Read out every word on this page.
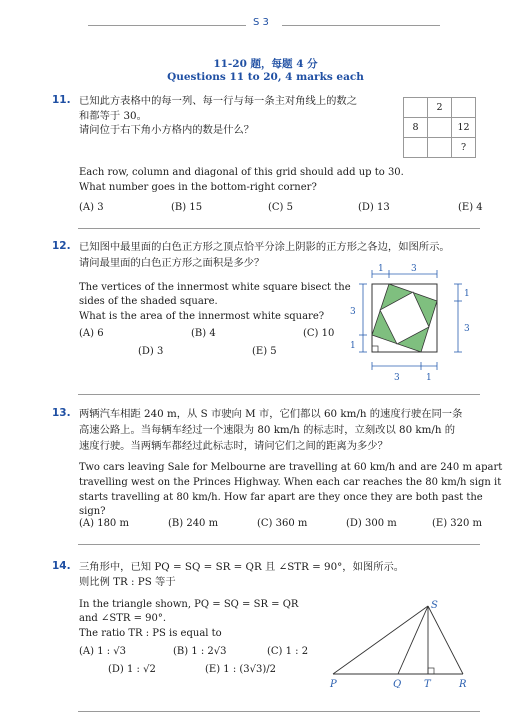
S 3
11-20 题，每题 4 分
Questions 11 to 20, 4 marks each
11. 已知此方表格中的每一列、每一行与每一条主对角线上的数之
和都等于 30。
请问位于右下角小方格内的数是什么？
	2	
8		12
		?
Each row, column and diagonal of this grid should add up to 30.
What number goes in the bottom-right corner?
(A) 3	(B) 15	(C) 5	(D) 13	(E) 4
12. 已知图中最里面的白色正方形之顶点恰平分涂上阴影的正方形之各边，如图所示。
请问最里面的白色正方形之面积是多少？
The vertices of the innermost white square bisect the
sides of the shaded square.
What is the area of the innermost white square?
(A) 6	(B) 4	(C) 10
(D) 3	(E) 5
1	3
1
3
3
1
3	1
13. 两辆汽车相距 240 m，从 S 市驶向 M 市，它们都以 60 km/h 的速度行驶在同一条
高速公路上。当每辆车经过一个速限为 80 km/h 的标志时，立刻改以 80 km/h 的
速度行驶。当两辆车都经过此标志时，请问它们之间的距离为多少？
Two cars leaving Sale for Melbourne are travelling at 60 km/h and are 240 m apart
travelling west on the Princes Highway. When each car reaches the 80 km/h sign it
starts travelling at 80 km/h. How far apart are they once they are both past the
sign?
(A) 180 m	(B) 240 m	(C) 360 m	(D) 300 m	(E) 320 m
14. 三角形中，已知 PQ = SQ = SR = QR 且 ∠STR = 90°，如图所示。
则比例 TR : PS 等于
In the triangle shown, PQ = SQ = SR = QR
and ∠STR = 90°.
The ratio TR : PS is equal to
(A) 1 : √3	(B) 1 : 2√3	(C) 1 : 2
(D) 1 : √2	(E) 1 : (3√3)/2
S
P	Q T	R
